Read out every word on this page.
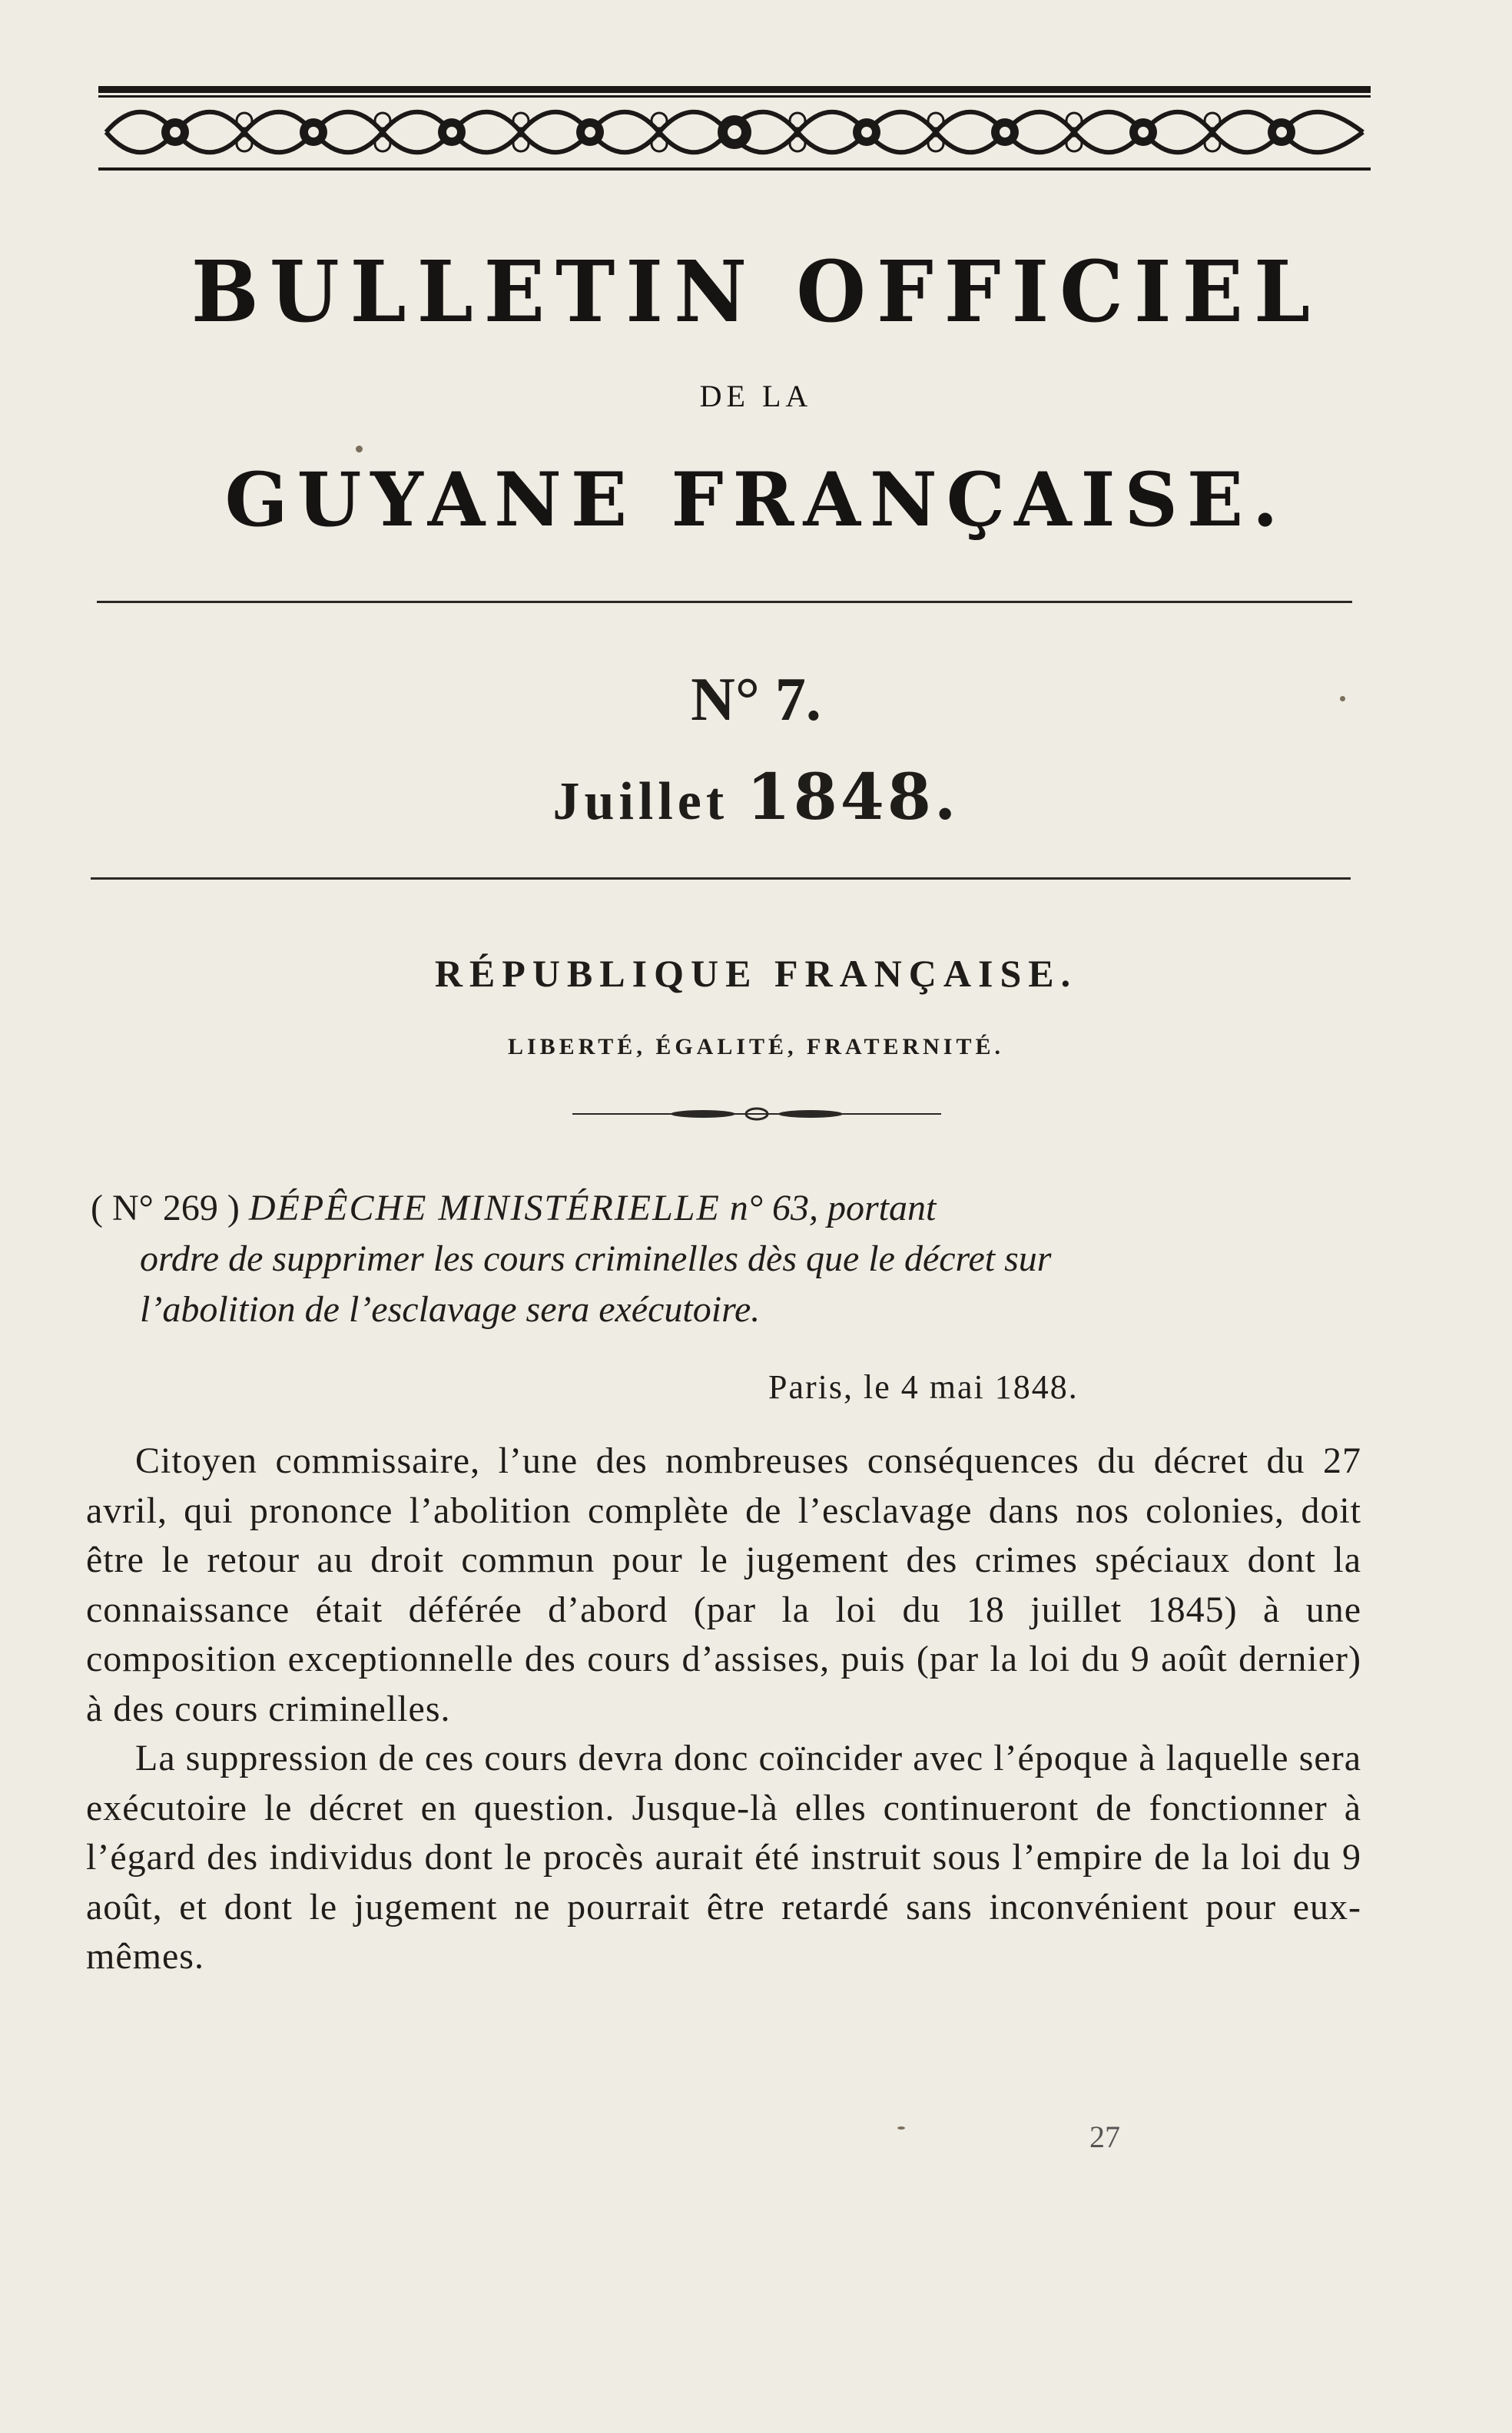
BULLETIN OFFICIEL
DE LA
GUYANE FRANÇAISE.
N° 7.
Juillet 1848.
RÉPUBLIQUE FRANÇAISE.
LIBERTÉ, ÉGALITÉ, FRATERNITÉ.
( N° 269 ) DÉPÊCHE MINISTÉRIELLE n° 63, portant
ordre de supprimer les cours criminelles dès que le décret sur
l’abolition de l’esclavage sera exécutoire.
Paris, le 4 mai 1848.

Citoyen commissaire, l’une des nombreuses conséquences du décret du 27 avril, qui prononce l’abolition complète de l’esclavage dans nos colonies, doit être le retour au droit commun pour le jugement des crimes spéciaux dont la connaissance était déférée d’abord (par la loi du 18 juillet 1845) à une composition exceptionnelle des cours d’assises, puis (par la loi du 9 août dernier) à des cours criminelles.

La suppression de ces cours devra donc coïncider avec l’époque à laquelle sera exécutoire le décret en question. Jusque-là elles continueront de fonctionner à l’égard des individus dont le procès aurait été instruit sous l’empire de la loi du 9 août, et dont le jugement ne pourrait être retardé sans inconvénient pour eux-mêmes.

27
